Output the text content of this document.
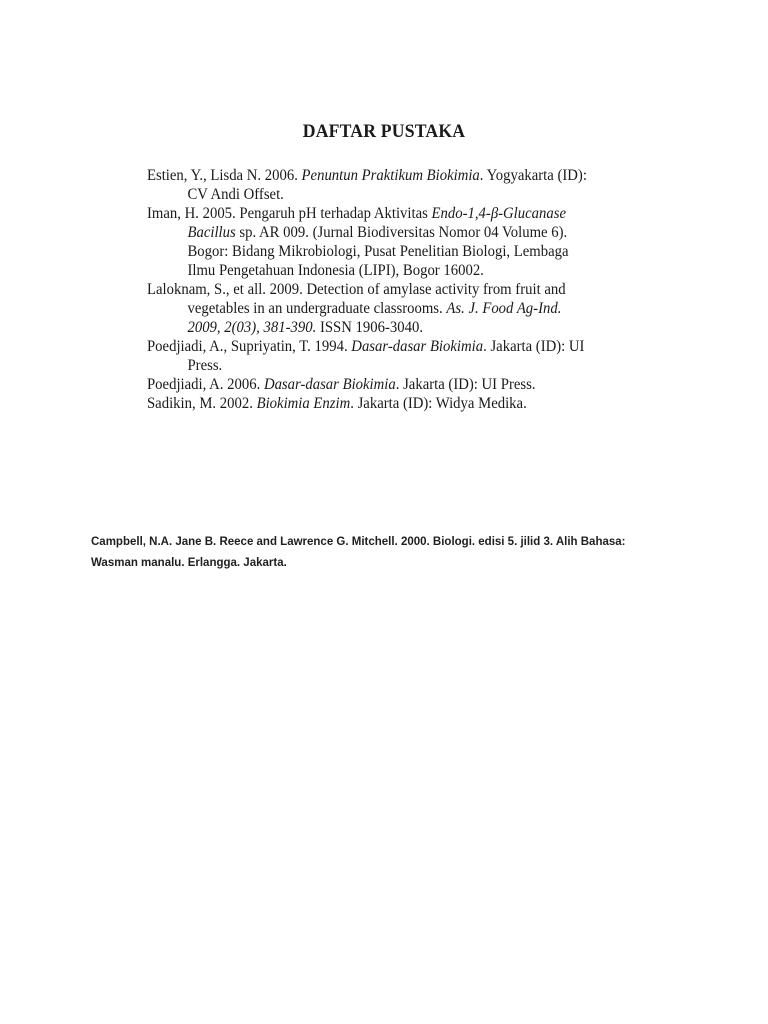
DAFTAR PUSTAKA
Estien, Y., Lisda N. 2006. Penuntun Praktikum Biokimia. Yogyakarta (ID): CV Andi Offset.
Iman, H. 2005. Pengaruh pH terhadap Aktivitas Endo-1,4-β-Glucanase Bacillus sp. AR 009. (Jurnal Biodiversitas Nomor 04 Volume 6). Bogor: Bidang Mikrobiologi, Pusat Penelitian Biologi, Lembaga Ilmu Pengetahuan Indonesia (LIPI), Bogor 16002.
Laloknam, S., et all. 2009. Detection of amylase activity from fruit and vegetables in an undergraduate classrooms. As. J. Food Ag-Ind. 2009, 2(03), 381-390. ISSN 1906-3040.
Poedjiadi, A., Supriyatin, T. 1994. Dasar-dasar Biokimia. Jakarta (ID): UI Press.
Poedjiadi, A. 2006. Dasar-dasar Biokimia. Jakarta (ID): UI Press.
Sadikin, M. 2002. Biokimia Enzim. Jakarta (ID): Widya Medika.
Campbell, N.A. Jane B. Reece and Lawrence G. Mitchell. 2000. Biologi. edisi 5. jilid 3. Alih Bahasa: Wasman manalu. Erlangga. Jakarta.
